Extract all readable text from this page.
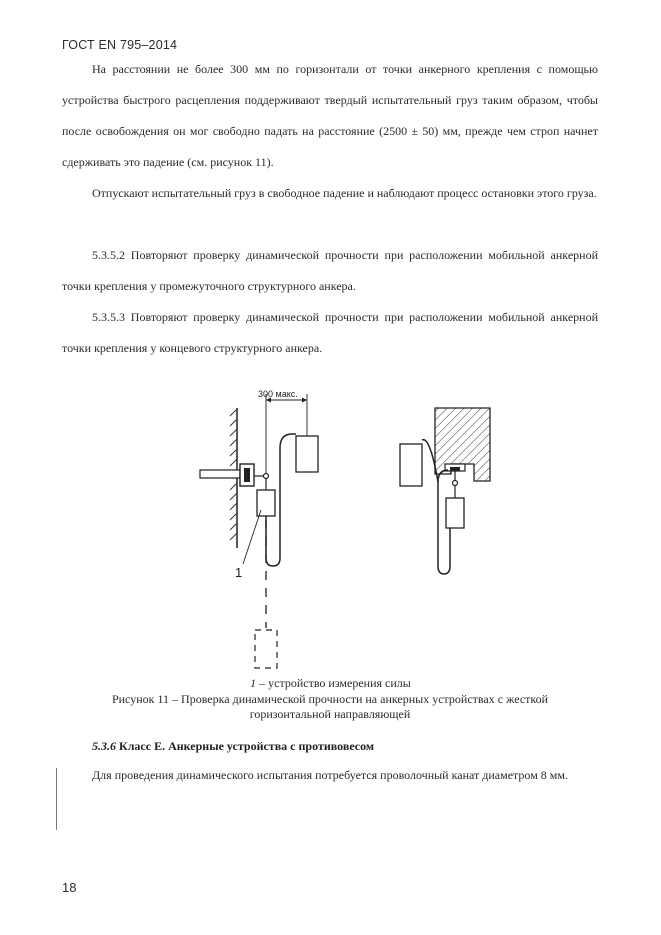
ГОСТ EN 795–2014

На расстоянии не более 300 мм по горизонтали от точки анкерного крепления с помощью устройства быстрого расцепления поддерживают твердый испытательный груз таким образом, чтобы после освобождения он мог свободно падать на расстояние (2500 ± 50) мм, прежде чем строп начнет сдерживать это падение (см. рисунок 11).

Отпускают испытательный груз в свободное падение и наблюдают процесс остановки этого груза.

5.3.5.2 Повторяют проверку динамической прочности при расположении мобильной анкерной точки крепления у промежуточного структурного анкера.

5.3.5.3 Повторяют проверку динамической прочности при расположении мобильной анкерной точки крепления у концевого структурного анкера.

300 макс.
1
1 – устройство измерения силы
Рисунок 11 – Проверка динамической прочности на анкерных устройствах с жесткой горизонтальной направляющей
5.3.6 Класс E. Анкерные устройства с противовесом

Для проведения динамического испытания потребуется проволочный канат диаметром 8 мм.

18
